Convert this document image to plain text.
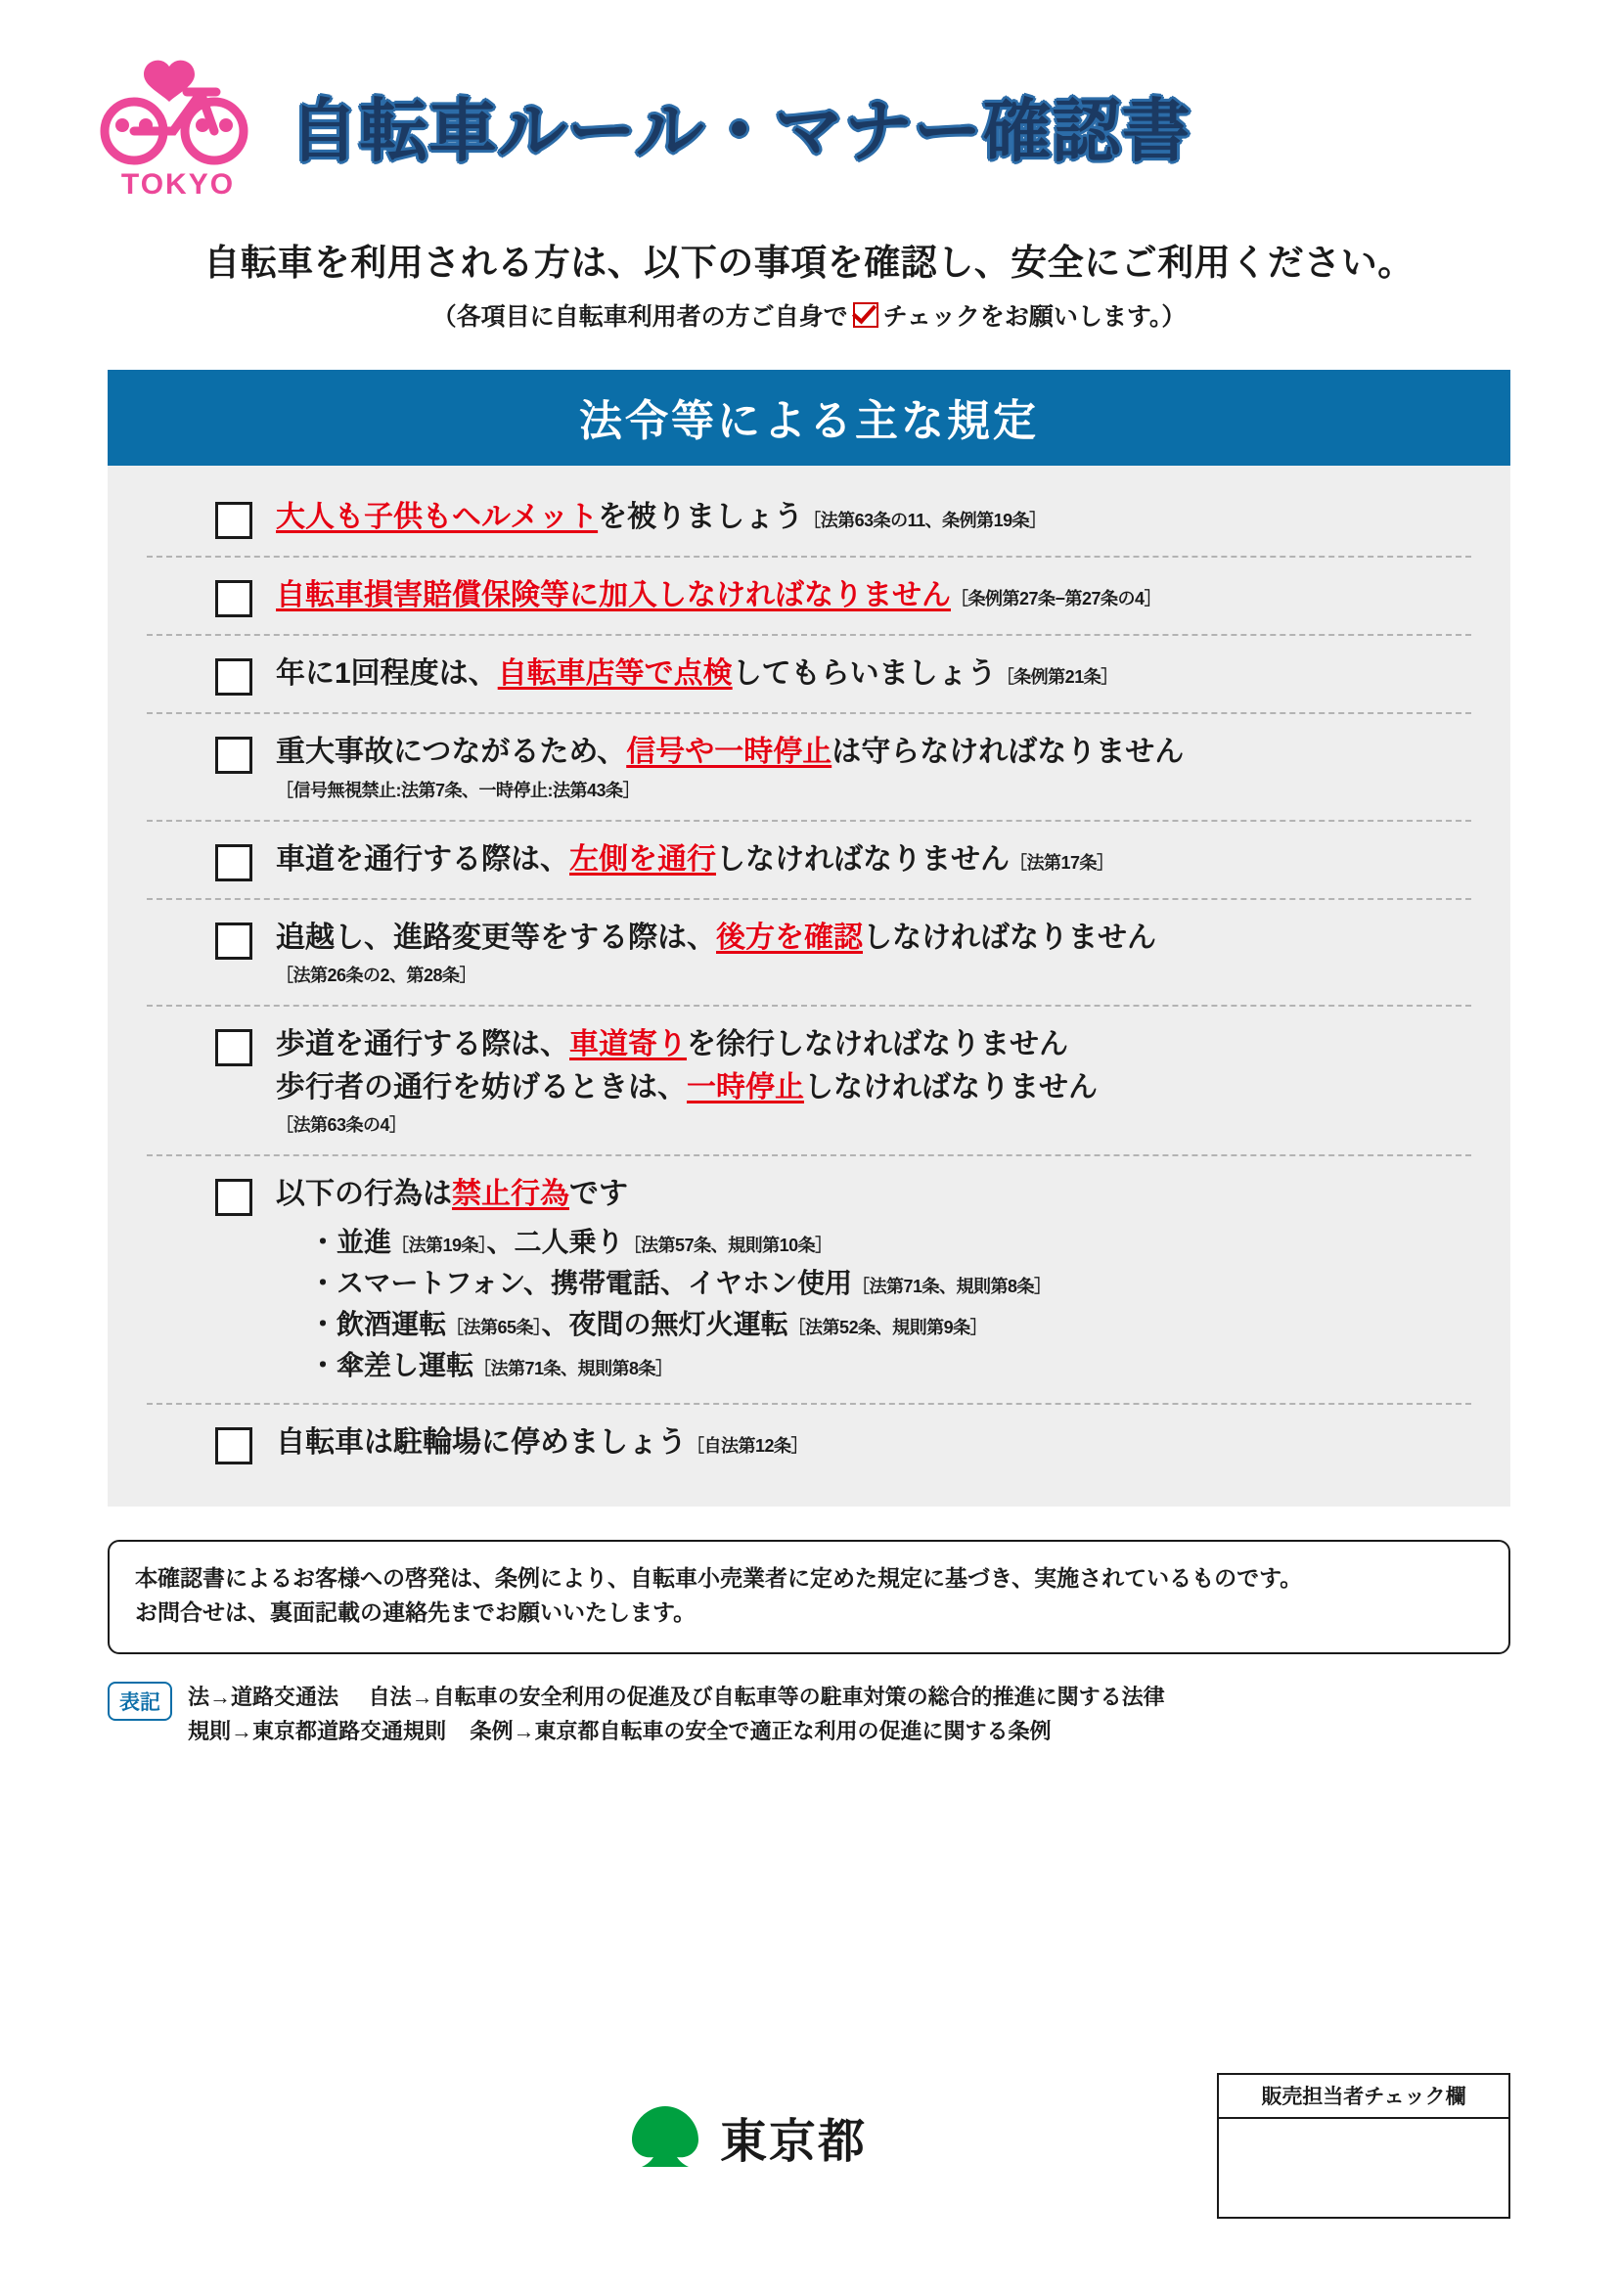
TOKYO
自転車ルール・マナー確認書
自転車を利用される方は、以下の事項を確認し、安全にご利用ください。
（各項目に自転車利用者の方ご自身で チェックをお願いします。）
法令等による主な規定
大人も子供もヘルメットを被りましょう［法第63条の11、条例第19条］
自転車損害賠償保険等に加入しなければなりません［条例第27条−第27条の4］
年に1回程度は、自転車店等で点検してもらいましょう［条例第21条］
重大事故につながるため、信号や一時停止は守らなければなりません
［信号無視禁止:法第7条、一時停止:法第43条］
車道を通行する際は、左側を通行しなければなりません［法第17条］
追越し、進路変更等をする際は、後方を確認しなければなりません
［法第26条の2、第28条］
歩道を通行する際は、車道寄りを徐行しなければなりません
歩行者の通行を妨げるときは、一時停止しなければなりません
［法第63条の4］
以下の行為は禁止行為です
・ 並進［法第19条］、二人乗り［法第57条、規則第10条］
・ スマートフォン、携帯電話、イヤホン使用［法第71条、規則第8条］
・ 飲酒運転［法第65条］、夜間の無灯火運転［法第52条、規則第9条］
・ 傘差し運転［法第71条、規則第8条］
自転車は駐輪場に停めましょう［自法第12条］
本確認書によるお客様への啓発は、条例により、自転車小売業者に定めた規定に基づき、実施されているものです。
お問合せは、裏面記載の連絡先までお願いいたします。
表記	法→道路交通法 自法→自転車の安全利用の促進及び自転車等の駐車対策の総合的推進に関する法律
規則→東京都道路交通規則 条例→東京都自転車の安全で適正な利用の促進に関する条例
東京都
販売担当者チェック欄
